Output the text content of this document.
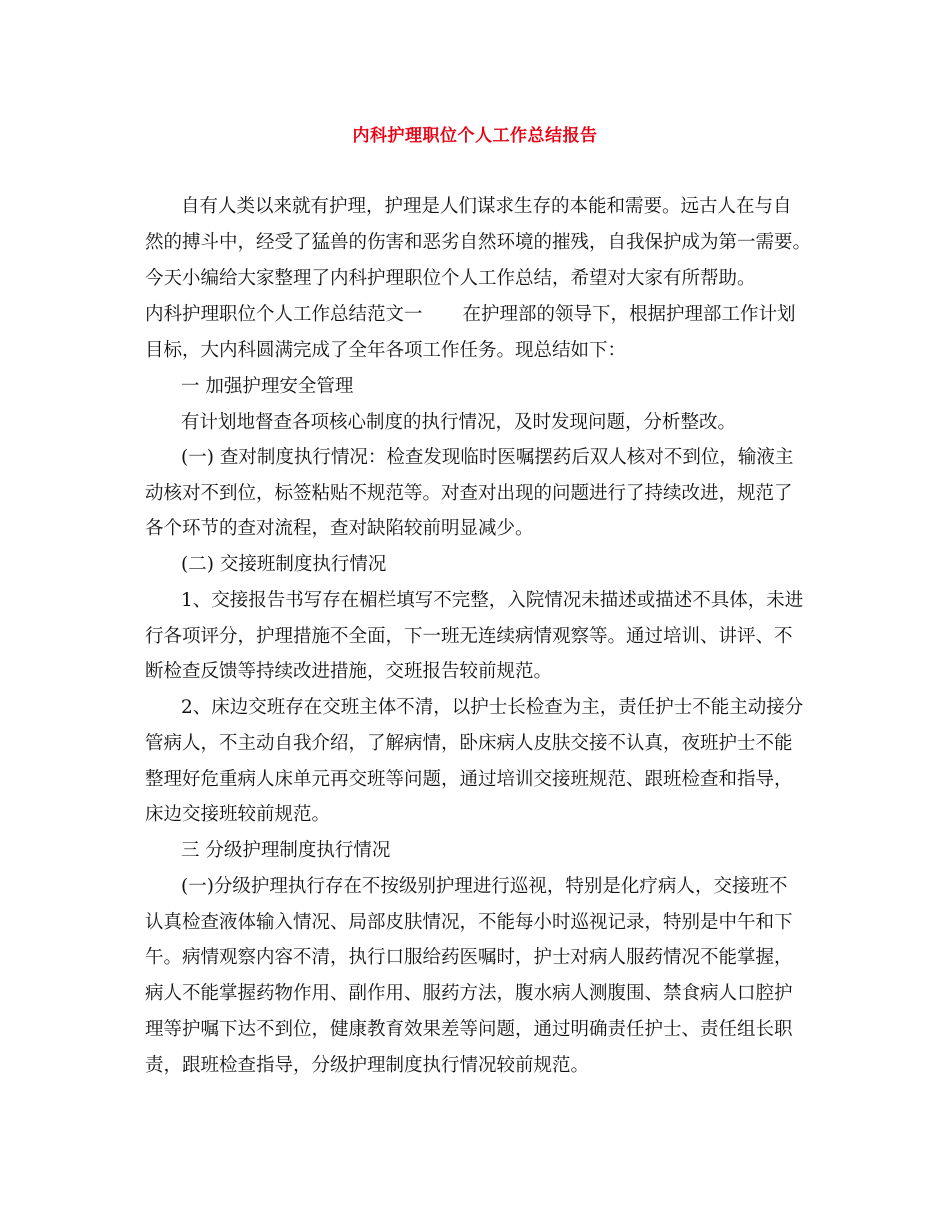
内科护理职位个人工作总结报告
自有人类以来就有护理，护理是人们谋求生存的本能和需要。远古人在与自
然的搏斗中，经受了猛兽的伤害和恶劣自然环境的摧残，自我保护成为第一需要。
今天小编给大家整理了内科护理职位个人工作总结，希望对大家有所帮助。
内科护理职位个人工作总结范文一 在护理部的领导下，根据护理部工作计划
目标，大内科圆满完成了全年各项工作任务。现总结如下：
一 加强护理安全管理
有计划地督查各项核心制度的执行情况，及时发现问题，分析整改。
(一) 查对制度执行情况：检查发现临时医嘱摆药后双人核对不到位，输液主
动核对不到位，标签粘贴不规范等。对查对出现的问题进行了持续改进，规范了
各个环节的查对流程，查对缺陷较前明显减少。
(二) 交接班制度执行情况
1、交接报告书写存在楣栏填写不完整，入院情况未描述或描述不具体，未进
行各项评分，护理措施不全面，下一班无连续病情观察等。通过培训、讲评、不
断检查反馈等持续改进措施，交班报告较前规范。
2、床边交班存在交班主体不清，以护士长检查为主，责任护士不能主动接分
管病人，不主动自我介绍，了解病情，卧床病人皮肤交接不认真，夜班护士不能
整理好危重病人床单元再交班等问题，通过培训交接班规范、跟班检查和指导，
床边交接班较前规范。
三 分级护理制度执行情况
(一)分级护理执行存在不按级别护理进行巡视，特别是化疗病人，交接班不
认真检查液体输入情况、局部皮肤情况，不能每小时巡视记录，特别是中午和下
午。病情观察内容不清，执行口服给药医嘱时，护士对病人服药情况不能掌握，
病人不能掌握药物作用、副作用、服药方法，腹水病人测腹围、禁食病人口腔护
理等护嘱下达不到位，健康教育效果差等问题，通过明确责任护士、责任组长职
责，跟班检查指导，分级护理制度执行情况较前规范。
